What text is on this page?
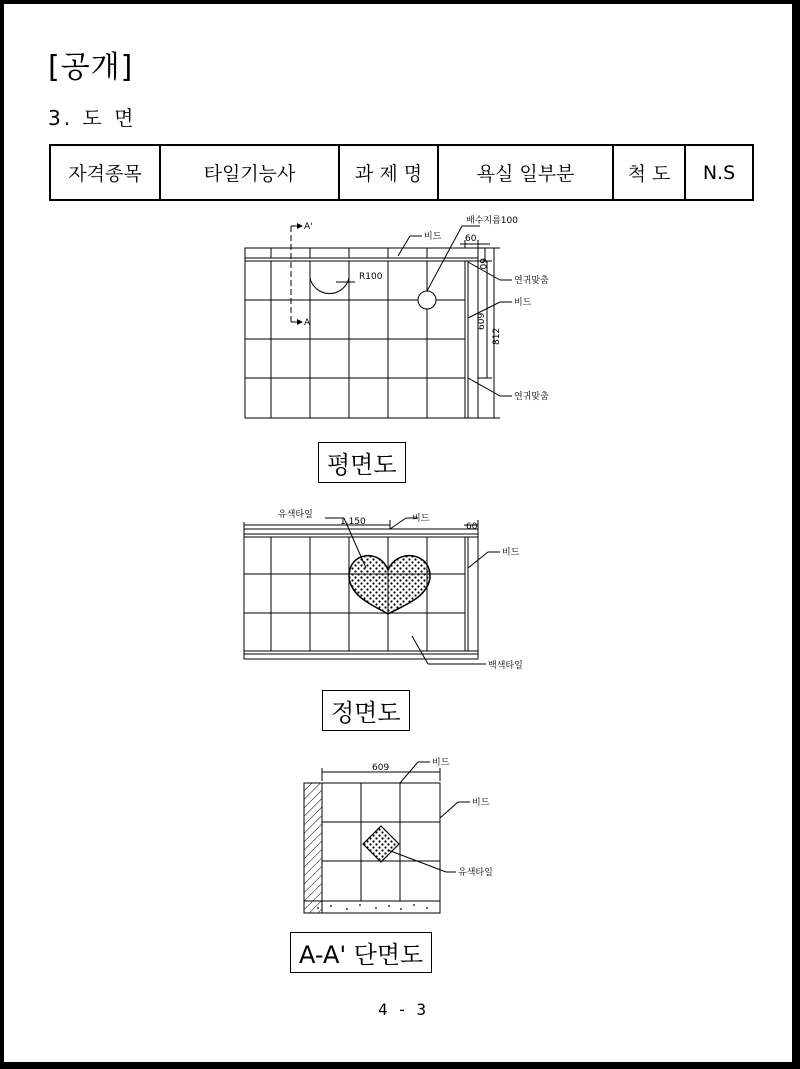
[공개]
3. 도 면
자격종목	타일기능사	과 제 명	욕실 일부분	척 도	N.S
A'
A
비드
배수지름100
60
60
R100	연귀맞춤
비드
609
812
연귀맞춤
유색타일
1,150	비드
60
비드
백색타일
609	비드
비드
유색타일
평면도
정면도
A-A' 단면도
4 - 3
